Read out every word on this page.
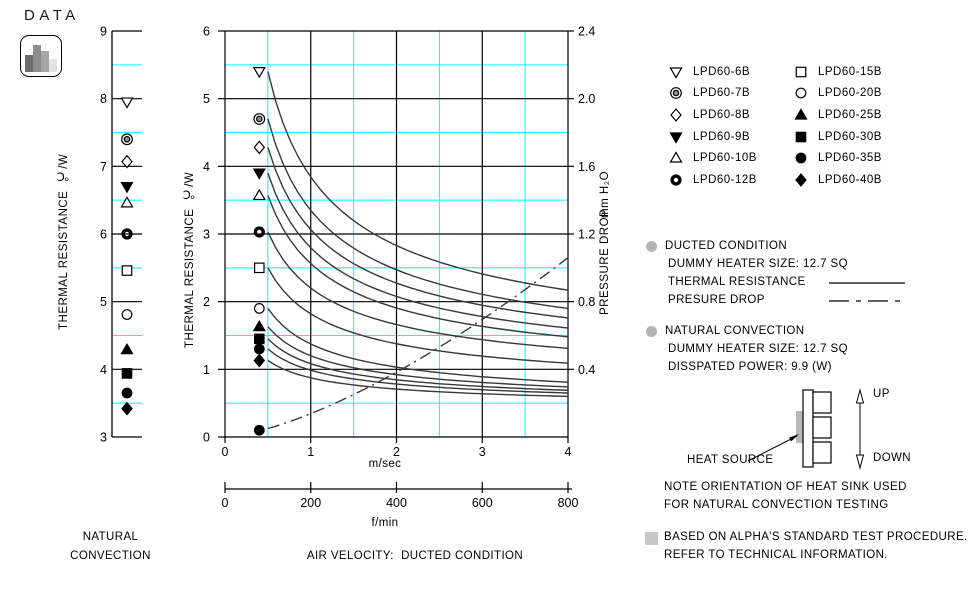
DATA
9
8
7
6
5
4
3
6
5
4
3
2
1
0
0	1	2	3	4
2.4
2.0
1.6
1.2
0.8
0.4
0	200	400	600	800
THERMAL RESISTANCE  ℃/W	THERMAL RESISTANCE  ℃/W	PRESSURE DROP
mm H₂O
m/sec
f/min
AIR VELOCITY:  DUCTED CONDITION
NATURAL
CONVECTION
LPD60-6B
LPD60-7B
LPD60-8B
LPD60-9B
LPD60-10B
LPD60-12B
LPD60-15B
LPD60-20B
LPD60-25B
LPD60-30B
LPD60-35B
LPD60-40B
DUCTED CONDITION
DUMMY HEATER SIZE: 12.7 SQ
THERMAL RESISTANCE
PRESURE DROP
NATURAL CONVECTION
DUMMY HEATER SIZE: 12.7 SQ
DISSPATED POWER: 9.9 (W)
HEAT SOURCE
UP
DOWN
NOTE ORIENTATION OF HEAT SINK USED
FOR NATURAL CONVECTION TESTING
BASED ON ALPHA'S STANDARD TEST PROCEDURE.
REFER TO TECHNICAL INFORMATION.
